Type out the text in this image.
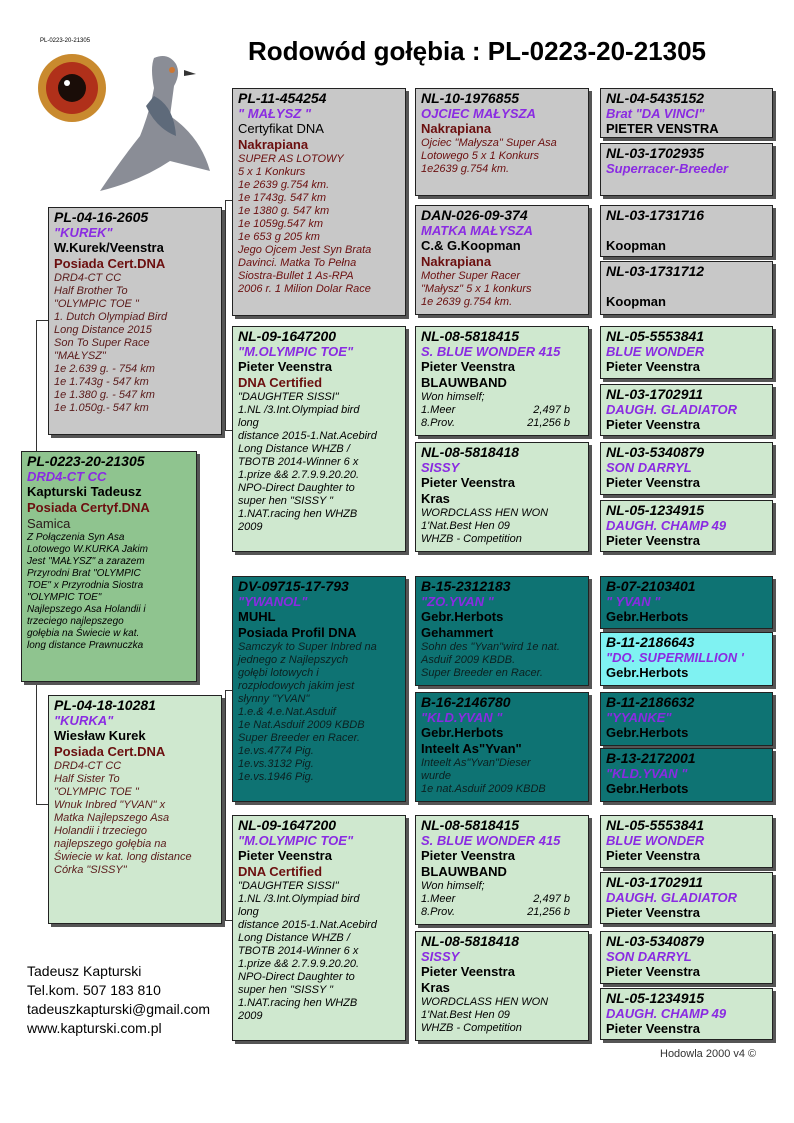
PL-0223-20-21305	Rodowód gołębia : PL-0223-20-21305
PL-0223-20-21305
DRD4-CT CC
Kapturski Tadeusz
Posiada Certyf.DNA
Samica
Z Połączenia Syn Asa
Lotowego W.KURKA Jakim
Jest "MAŁYSZ" a zarazem
Przyrodni Brat "OLYMPIC
TOE" x Przyrodnia Siostra
"OLYMPIC TOE"
Najlepszego Asa Holandii i
trzeciego najlepszego
gołębia na Świecie w kat.
long distance Prawnuczka
PL-04-16-2605
"KUREK"
W.Kurek/Veenstra
Posiada Cert.DNA
DRD4-CT CC
Half Brother To
"OLYMPIC TOE "
1. Dutch Olympiad Bird
Long Distance 2015
Son To Super Race
"MAŁYSZ"
1e 2.639 g. - 754 km
1e 1.743g - 547 km
1e 1.380 g. - 547 km
1e 1.050g.- 547 km
PL-04-18-10281
"KURKA"
Wiesław Kurek
Posiada Cert.DNA
DRD4-CT CC
Half Sister To
"OLYMPIC TOE "
Wnuk Inbred "YVAN" x
Matka Najlepszego Asa
Holandii i trzeciego
najlepszego gołębia na
Świecie w kat. long distance
Córka "SISSY"
PL-11-454254
" MAŁYSZ "
Certyfikat DNA
Nakrapiana
SUPER AS LOTOWY
5 x 1 Konkurs
1e 2639 g.754 km.
1e 1743g. 547 km
1e 1380 g. 547 km
1e 1059g.547 km
1e 653 g 205 km
Jego Ojcem Jest Syn Brata
Davinci. Matka To Pełna
Siostra-Bullet 1 As-RPA
2006 r. 1 Milion Dolar Race
NL-09-1647200
"M.OLYMPIC TOE"
Pieter Veenstra
DNA Certified
"DAUGHTER SISSI"
1.NL /3.Int.Olympiad bird
long
distance 2015-1.Nat.Acebird
Long Distance WHZB /
TBOTB 2014-Winner 6 x
1.prize && 2.7.9.9.20.20.
NPO-Direct Daughter to
super hen "SISSY "
1.NAT.racing hen WHZB
2009
DV-09715-17-793
"YWANOL"
MUHL
Posiada Profil DNA
Samczyk to Super Inbred na
jednego z Najlepszych
gołębi lotowych i
rozpłodowych jakim jest
słynny "YVAN"
1.e.& 4.e.Nat.Asduif
1e Nat.Asduif 2009 KBDB
Super Breeder en Racer.
1e.vs.4774 Pig.
1e.vs.3132 Pig.
1e.vs.1946 Pig.
NL-09-1647200
"M.OLYMPIC TOE"
Pieter Veenstra
DNA Certified
"DAUGHTER SISSI"
1.NL /3.Int.Olympiad bird
long
distance 2015-1.Nat.Acebird
Long Distance WHZB /
TBOTB 2014-Winner 6 x
1.prize && 2.7.9.9.20.20.
NPO-Direct Daughter to
super hen "SISSY "
1.NAT.racing hen WHZB
2009
NL-10-1976855
OJCIEC MAŁYSZA
Nakrapiana
Ojciec "Małysza" Super Asa
Lotowego 5 x 1 Konkurs
1e2639 g.754 km.
DAN-026-09-374
MATKA MAŁYSZA
C.& G.Koopman
Nakrapiana
Mother Super Racer
"Małysz" 5 x 1 konkurs
1e 2639 g.754 km.
NL-08-5818415
S. BLUE WONDER 415
Pieter Veenstra
BLAUWBAND
Won himself;
1.Meer	2,497 b
8.Prov.	21,256 b
NL-08-5818418
SISSY
Pieter Veenstra
Kras
WORDCLASS HEN WON
1'Nat.Best Hen 09
WHZB - Competition
B-15-2312183
"ZO.YVAN "
Gebr.Herbots
Gehammert
Sohn des "Yvan"wird 1e nat.
Asduif 2009 KBDB.
Super Breeder en Racer.
B-16-2146780
"KLD.YVAN "
Gebr.Herbots
Inteelt As"Yvan"
Inteelt As"Yvan"Dieser
wurde
1e nat.Asduif 2009 KBDB
NL-08-5818415
S. BLUE WONDER 415
Pieter Veenstra
BLAUWBAND
Won himself;
1.Meer	2,497 b
8.Prov.	21,256 b
NL-08-5818418
SISSY
Pieter Veenstra
Kras
WORDCLASS HEN WON
1'Nat.Best Hen 09
WHZB - Competition
NL-04-5435152
Brat "DA VINCI"
PIETER VENSTRA
NL-03-1702935
Superracer-Breeder
NL-03-1731716
Koopman
NL-03-1731712
Koopman
NL-05-5553841
BLUE WONDER
Pieter Veenstra
NL-03-1702911
DAUGH. GLADIATOR
Pieter Veenstra
NL-03-5340879
SON DARRYL
Pieter Veenstra
NL-05-1234915
DAUGH. CHAMP 49
Pieter Veenstra
B-07-2103401
" YVAN "
Gebr.Herbots
B-11-2186643
"DO. SUPERMILLION '
Gebr.Herbots
B-11-2186632
"YYANKE"
Gebr.Herbots
B-13-2172001
"KLD.YVAN "
Gebr.Herbots
NL-05-5553841
BLUE WONDER
Pieter Veenstra
NL-03-1702911
DAUGH. GLADIATOR
Pieter Veenstra
NL-03-5340879
SON DARRYL
Pieter Veenstra
NL-05-1234915
DAUGH. CHAMP 49
Pieter Veenstra
Tadeusz Kapturski
Tel.kom. 507 183 810
tadeuszkapturski@gmail.com
www.kapturski.com.pl
Hodowla 2000 v4 ©
